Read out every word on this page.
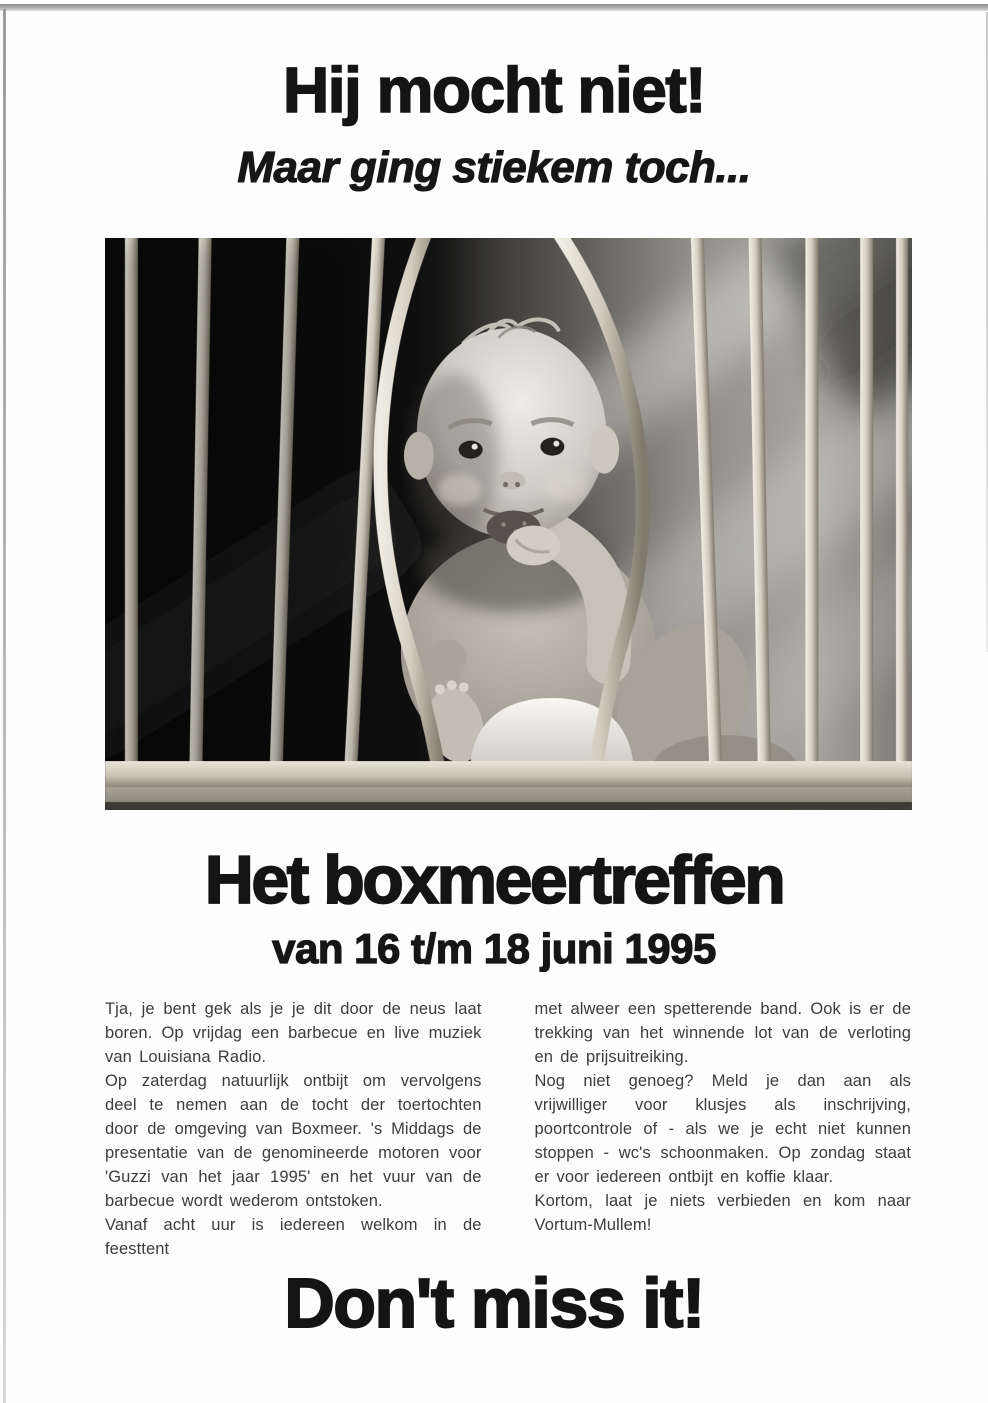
Hij mocht niet!
Maar ging stiekem toch...
Het boxmeertreffen
van 16 t/m 18 juni 1995

Tja, je bent gek als je je dit door de neus laat boren. Op vrijdag een barbecue en live muziek van Louisiana Radio.

Op zaterdag natuurlijk ontbijt om vervolgens deel te nemen aan de tocht der toertochten door de omgeving van Boxmeer. 's Middags de presentatie van de genomineerde motoren voor 'Guzzi van het jaar 1995' en het vuur van de barbecue wordt wederom ontstoken.

Vanaf acht uur is iedereen welkom in de feesttent

met alweer een spetterende band. Ook is er de trekking van het winnende lot van de verloting en de prijsuitreiking.

Nog niet genoeg? Meld je dan aan als vrijwilliger voor klusjes als inschrijving, poortcontrole of - als we je echt niet kunnen stoppen - wc's schoonmaken. Op zondag staat er voor iedereen ontbijt en koffie klaar.

Kortom, laat je niets verbieden en kom naar Vortum-Mullem!

Don't miss it!
